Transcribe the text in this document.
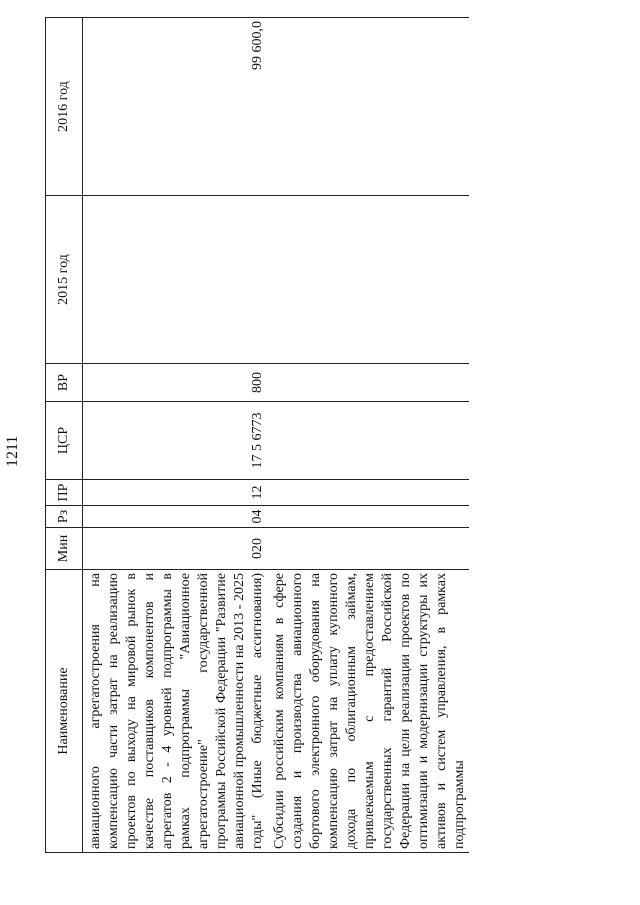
1211
Наименование	Мин	Рз	ПР	ЦСР	ВР	2015 год	2016 год

авиационного агрегатостроения на компенсацию части затрат на реализацию проектов по выходу на мировой рынок в качестве поставщиков компонентов и агрегатов 2 - 4 уровней подпрограммы в рамках подпрограммы "Авиационное агрегатостроение" государственной программы Российской Федерации "Развитие авиационной промышленности на 2013 - 2025 годы" (Иные бюджетные ассигнования)	020	04	12	17 5 6773	800		99 600,0

Субсидии российским компаниям в сфере создания и производства авиационного бортового электронного оборудования на компенсацию затрат на уплату купонного дохода по облигационным займам, привлекаемым с предоставлением государственных гарантий Российской Федерации на цели реализации проектов по оптимизации и модернизации структуры их активов и систем управления, в рамках подпрограммы							
